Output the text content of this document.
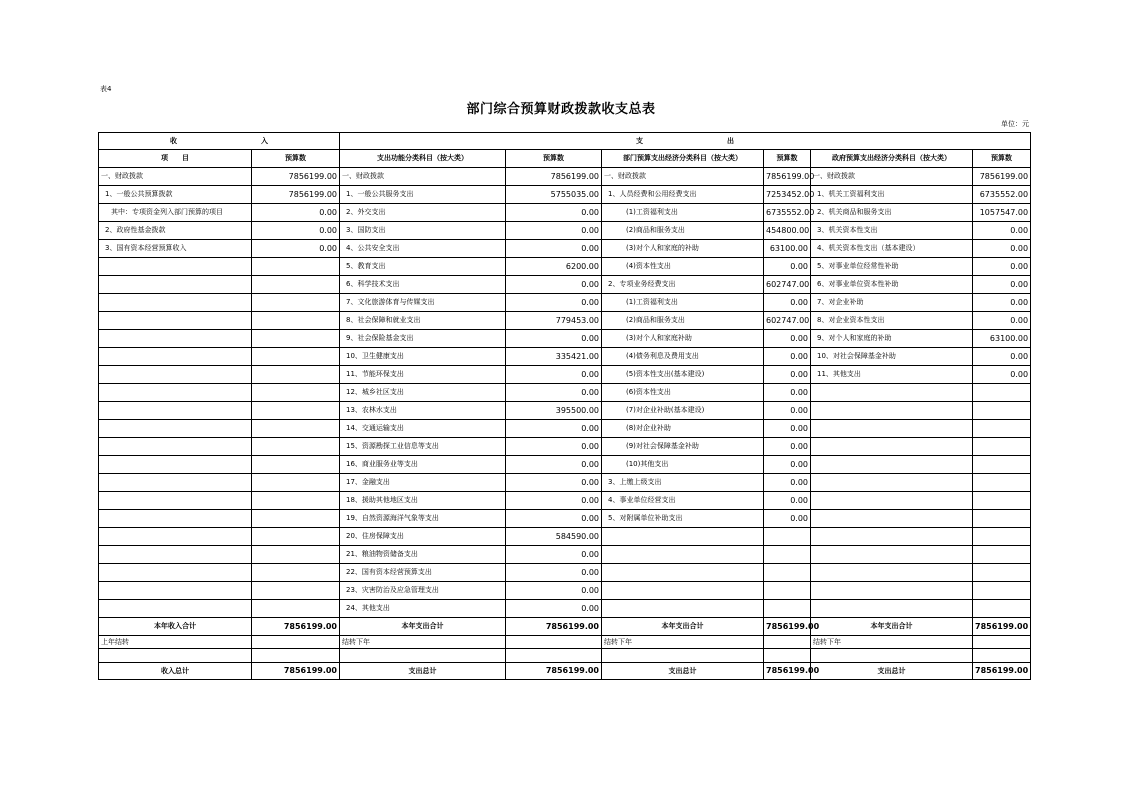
表4
部门综合预算财政拨款收支总表
单位：元
收　　　　　　　　　　　　入		支　　　　　　　　　　　　出					
项　　目	预算数	支出功能分类科目（按大类）	预算数	部门预算支出经济分类科目（按大类）	预算数	政府预算支出经济分类科目（按大类）	预算数
一、财政拨款	7856199.00	一、财政拨款	7856199.00	一、财政拨款	7856199.00	一、财政拨款	7856199.00
1、一般公共预算拨款	7856199.00	1、一般公共服务支出	5755035.00	1、人员经费和公用经费支出	7253452.00	1、机关工资福利支出	6735552.00
其中：专项资金列入部门预算的项目	0.00	2、外交支出	0.00	(1)工资福利支出	6735552.00	2、机关商品和服务支出	1057547.00
2、政府性基金拨款	0.00	3、国防支出	0.00	(2)商品和服务支出	454800.00	3、机关资本性支出	0.00
3、国有资本经营预算收入	0.00	4、公共安全支出	0.00	(3)对个人和家庭的补助	63100.00	4、机关资本性支出（基本建设）	0.00
		5、教育支出	6200.00	(4)资本性支出	0.00	5、对事业单位经常性补助	0.00
		6、科学技术支出	0.00	2、专项业务经费支出	602747.00	6、对事业单位资本性补助	0.00
		7、文化旅游体育与传媒支出	0.00	(1)工资福利支出	0.00	7、对企业补助	0.00
		8、社会保障和就业支出	779453.00	(2)商品和服务支出	602747.00	8、对企业资本性支出	0.00
		9、社会保险基金支出	0.00	(3)对个人和家庭补助	0.00	9、对个人和家庭的补助	63100.00
		10、卫生健康支出	335421.00	(4)债务利息及费用支出	0.00	10、对社会保障基金补助	0.00
		11、节能环保支出	0.00	(5)资本性支出(基本建设)	0.00	11、其他支出	0.00
		12、城乡社区支出	0.00	(6)资本性支出	0.00		
		13、农林水支出	395500.00	(7)对企业补助(基本建设)	0.00		
		14、交通运输支出	0.00	(8)对企业补助	0.00		
		15、资源勘探工业信息等支出	0.00	(9)对社会保障基金补助	0.00		
		16、商业服务业等支出	0.00	(10)其他支出	0.00		
		17、金融支出	0.00	3、上缴上级支出	0.00		
		18、援助其他地区支出	0.00	4、事业单位经营支出	0.00		
		19、自然资源海洋气象等支出	0.00	5、对附属单位补助支出	0.00		
		20、住房保障支出	584590.00				
		21、粮油物资储备支出	0.00				
		22、国有资本经营预算支出	0.00				
		23、灾害防治及应急管理支出	0.00				
		24、其他支出	0.00				
本年收入合计	7856199.00	本年支出合计	7856199.00	本年支出合计	7856199.00	本年支出合计	7856199.00
上年结转		结转下年		结转下年		结转下年	

收入总计	7856199.00	支出总计	7856199.00	支出总计	7856199.00	支出总计	7856199.00
